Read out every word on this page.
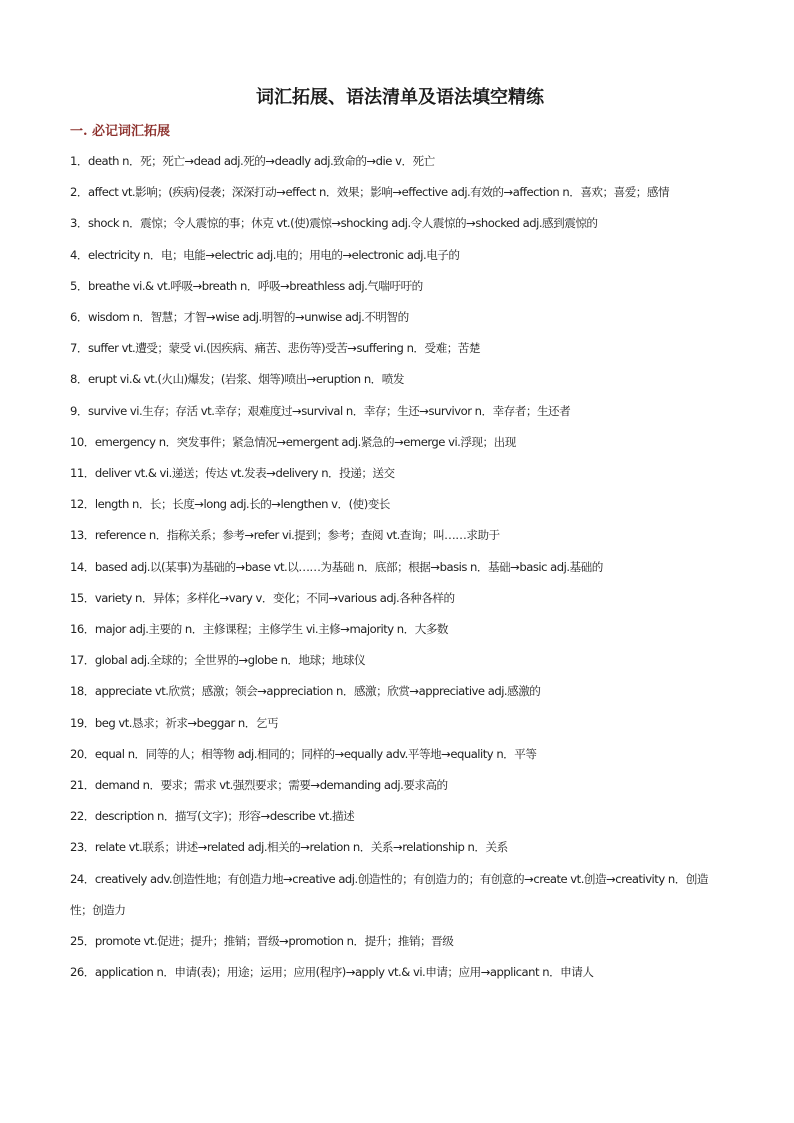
词汇拓展、语法清单及语法填空精练
一. 必记词汇拓展
1．death n．死；死亡→dead adj.死的→deadly adj.致命的→die v．死亡
2．affect vt.影响；(疾病)侵袭；深深打动→effect n．效果；影响→effective adj.有效的→affection n．喜欢；喜爱；感情
3．shock n．震惊；令人震惊的事；休克 vt.(使)震惊→shocking adj.令人震惊的→shocked adj.感到震惊的
4．electricity n．电；电能→electric adj.电的；用电的→electronic adj.电子的
5．breathe vi.& vt.呼吸→breath n．呼吸→breathless adj.气喘吁吁的
6．wisdom n．智慧；才智→wise adj.明智的→unwise adj.不明智的
7．suffer vt.遭受；蒙受 vi.(因疾病、痛苦、悲伤等)受苦→suffering n．受难；苦楚
8．erupt vi.& vt.(火山)爆发；(岩浆、烟等)喷出→eruption n．喷发
9．survive vi.生存；存活 vt.幸存；艰难度过→survival n．幸存；生还→survivor n．幸存者；生还者
10．emergency n．突发事件；紧急情况→emergent adj.紧急的→emerge vi.浮现；出现
11．deliver vt.& vi.递送；传达 vt.发表→delivery n．投递；送交
12．length n．长；长度→long adj.长的→lengthen v．(使)变长
13．reference n．指称关系；参考→refer vi.提到；参考；查阅 vt.查询；叫……求助于
14．based adj.以(某事)为基础的→base vt.以……为基础 n．底部；根据→basis n．基础→basic adj.基础的
15．variety n．异体；多样化→vary v．变化；不同→various adj.各种各样的
16．major adj.主要的 n．主修课程；主修学生 vi.主修→majority n．大多数
17．global adj.全球的；全世界的→globe n．地球；地球仪
18．appreciate vt.欣赏；感激；领会→appreciation n．感激；欣赏→appreciative adj.感激的
19．beg vt.恳求；祈求→beggar n．乞丐
20．equal n．同等的人；相等物 adj.相同的；同样的→equally adv.平等地→equality n．平等
21．demand n．要求；需求 vt.强烈要求；需要→demanding adj.要求高的
22．description n．描写(文字)；形容→describe vt.描述
23．relate vt.联系；讲述→related adj.相关的→relation n．关系→relationship n．关系
24．creatively adv.创造性地；有创造力地→creative adj.创造性的；有创造力的；有创意的→create vt.创造→creativity n．创造性；创造力
25．promote vt.促进；提升；推销；晋级→promotion n．提升；推销；晋级
26．application n．申请(表)；用途；运用；应用(程序)→apply vt.& vi.申请；应用→applicant n．申请人
